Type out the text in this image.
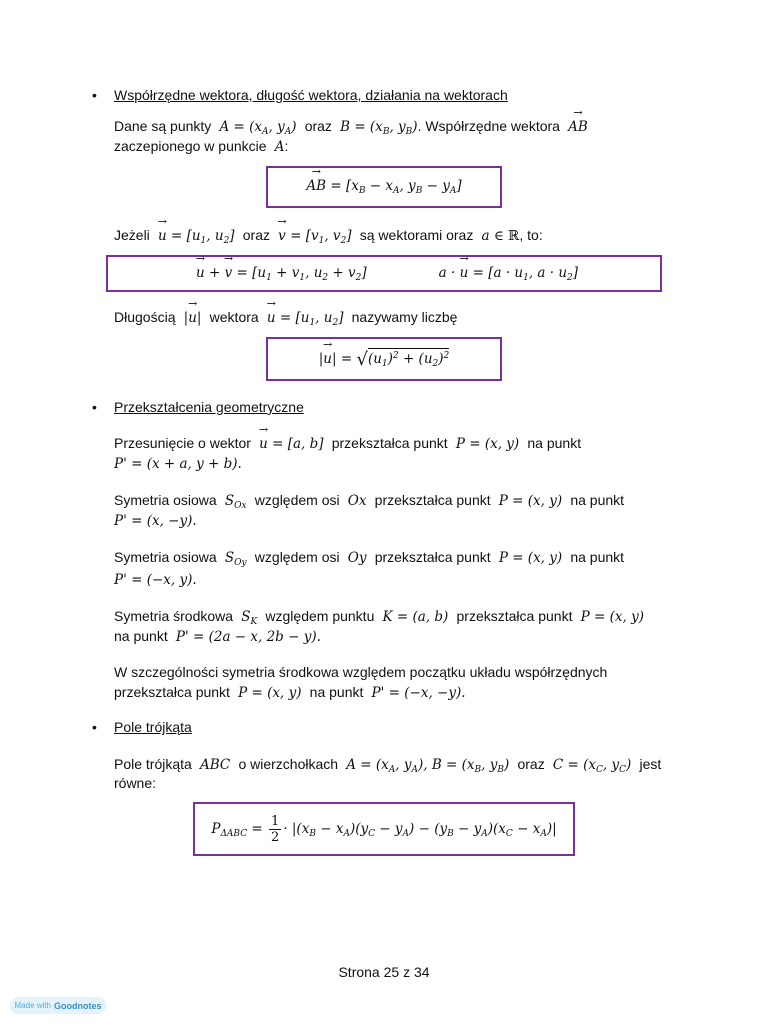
• Współrzędne wektora, długość wektora, działania na wektorach
Dane są punkty  $A = (x_A$, $y_A$)  oraz  $B = (x_B$, $y_B$). Współrzędne wektora → AB
zaczepionego w punkcie  A:
→ AB = [$x_B - x_A$, $y_B - y_A$]
Jeżeli → $u = [u_1$, $u_2$]  oraz → $v = [v_1$, $v_2$]  są wektorami oraz  a ∈ ℝ, to:
→ u + → $v = [u_1 + v_1$, $u_2 + v_2$]	a · → $u = [a \cdot u_1$, $a \cdot u_2$]
Długością  |→ u|  wektora → $u = [u_1$, $u_2$]  nazywamy liczbę
|→ $u| = √(u_1)^2 + (u_2)^2$
• Przekształcenia geometryczne
Przesunięcie o wektor → u = [a, b]  przekształca punkt  P = (x, y)  na punkt
P' = (x + a, y + b).
Symetria osiowa  $S_{Ox}$ względem osi  Ox  przekształca punkt  P = (x, y)  na punkt
P' = (x, −y).
Symetria osiowa  $S_{Oy}$ względem osi  Oy  przekształca punkt  P = (x, y)  na punkt
P' = (−x, y).
Symetria środkowa  $S_K$ względem punktu  K = (a, b)  przekształca punkt  P = (x, y)
na punkt  P' = (2a − x, 2b − y).
W szczególności symetria środkowa względem początku układu współrzędnych
przekształca punkt  P = (x, y)  na punkt  P' = (−x, −y).
• Pole trójkąta
Pole trójkąta  ABC  o wierzchołkach  $A = (x_A$, $y_A$), $B = (x_B$, $y_B$)  oraz  $C = (x_C$, $y_C$)  jest
równe:
$P_{\Delta ABC} = \frac{1}{2} \cdot |(x_B - x_A)(y_C - y_A) - (y_B - y_A)(x_C - x_A)|$
Strona 25 z 34
Made with Goodnotes
